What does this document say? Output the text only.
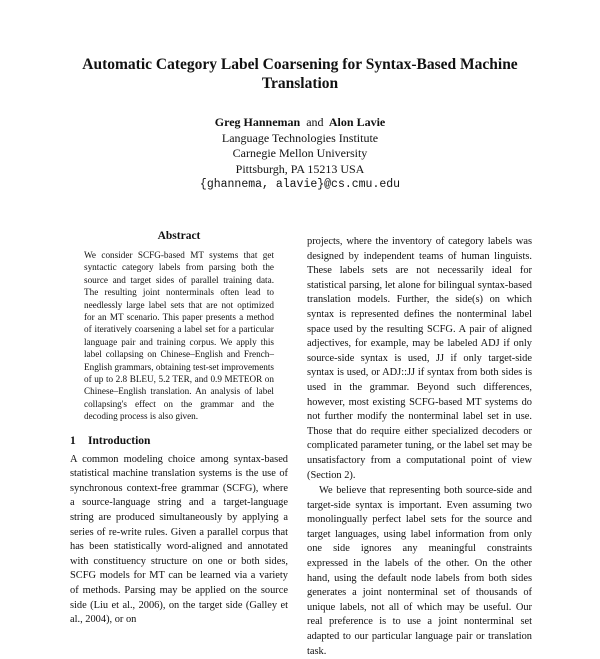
Automatic Category Label Coarsening for Syntax-Based Machine Translation
Greg Hanneman and Alon Lavie
Language Technologies Institute
Carnegie Mellon University
Pittsburgh, PA 15213 USA
{ghannema, alavie}@cs.cmu.edu
Abstract

We consider SCFG-based MT systems that get syntactic category labels from parsing both the source and target sides of parallel training data. The resulting joint nonterminals often lead to needlessly large label sets that are not optimized for an MT scenario. This paper presents a method of iteratively coarsening a label set for a particular language pair and training corpus. We apply this label collapsing on Chinese–English and French–English grammars, obtaining test-set improvements of up to 2.8 BLEU, 5.2 TER, and 0.9 METEOR on Chinese–English translation. An analysis of label collapsing's effect on the grammar and the decoding process is also given.

1 Introduction

A common modeling choice among syntax-based statistical machine translation systems is the use of synchronous context-free grammar (SCFG), where a source-language string and a target-language string are produced simultaneously by applying a series of re-write rules. Given a parallel corpus that has been statistically word-aligned and annotated with constituency structure on one or both sides, SCFG models for MT can be learned via a variety of methods. Parsing may be applied on the source side (Liu et al., 2006), on the target side (Galley et al., 2004), or on

projects, where the inventory of category labels was designed by independent teams of human linguists. These labels sets are not necessarily ideal for statistical parsing, let alone for bilingual syntax-based translation models. Further, the side(s) on which syntax is represented defines the nonterminal label space used by the resulting SCFG. A pair of aligned adjectives, for example, may be labeled ADJ if only source-side syntax is used, JJ if only target-side syntax is used, or ADJ::JJ if syntax from both sides is used in the grammar. Beyond such differences, however, most existing SCFG-based MT systems do not further modify the nonterminal label set in use. Those that do require either specialized decoders or complicated parameter tuning, or the label set may be unsatisfactory from a computational point of view (Section 2).

We believe that representing both source-side and target-side syntax is important. Even assuming two monolingually perfect label sets for the source and target languages, using label information from only one side ignores any meaningful constraints expressed in the labels of the other. On the other hand, using the default node labels from both sides generates a joint nonterminal set of thousands of unique labels, not all of which may be useful. Our real preference is to use a joint nonterminal set adapted to our particular language pair or translation task.
